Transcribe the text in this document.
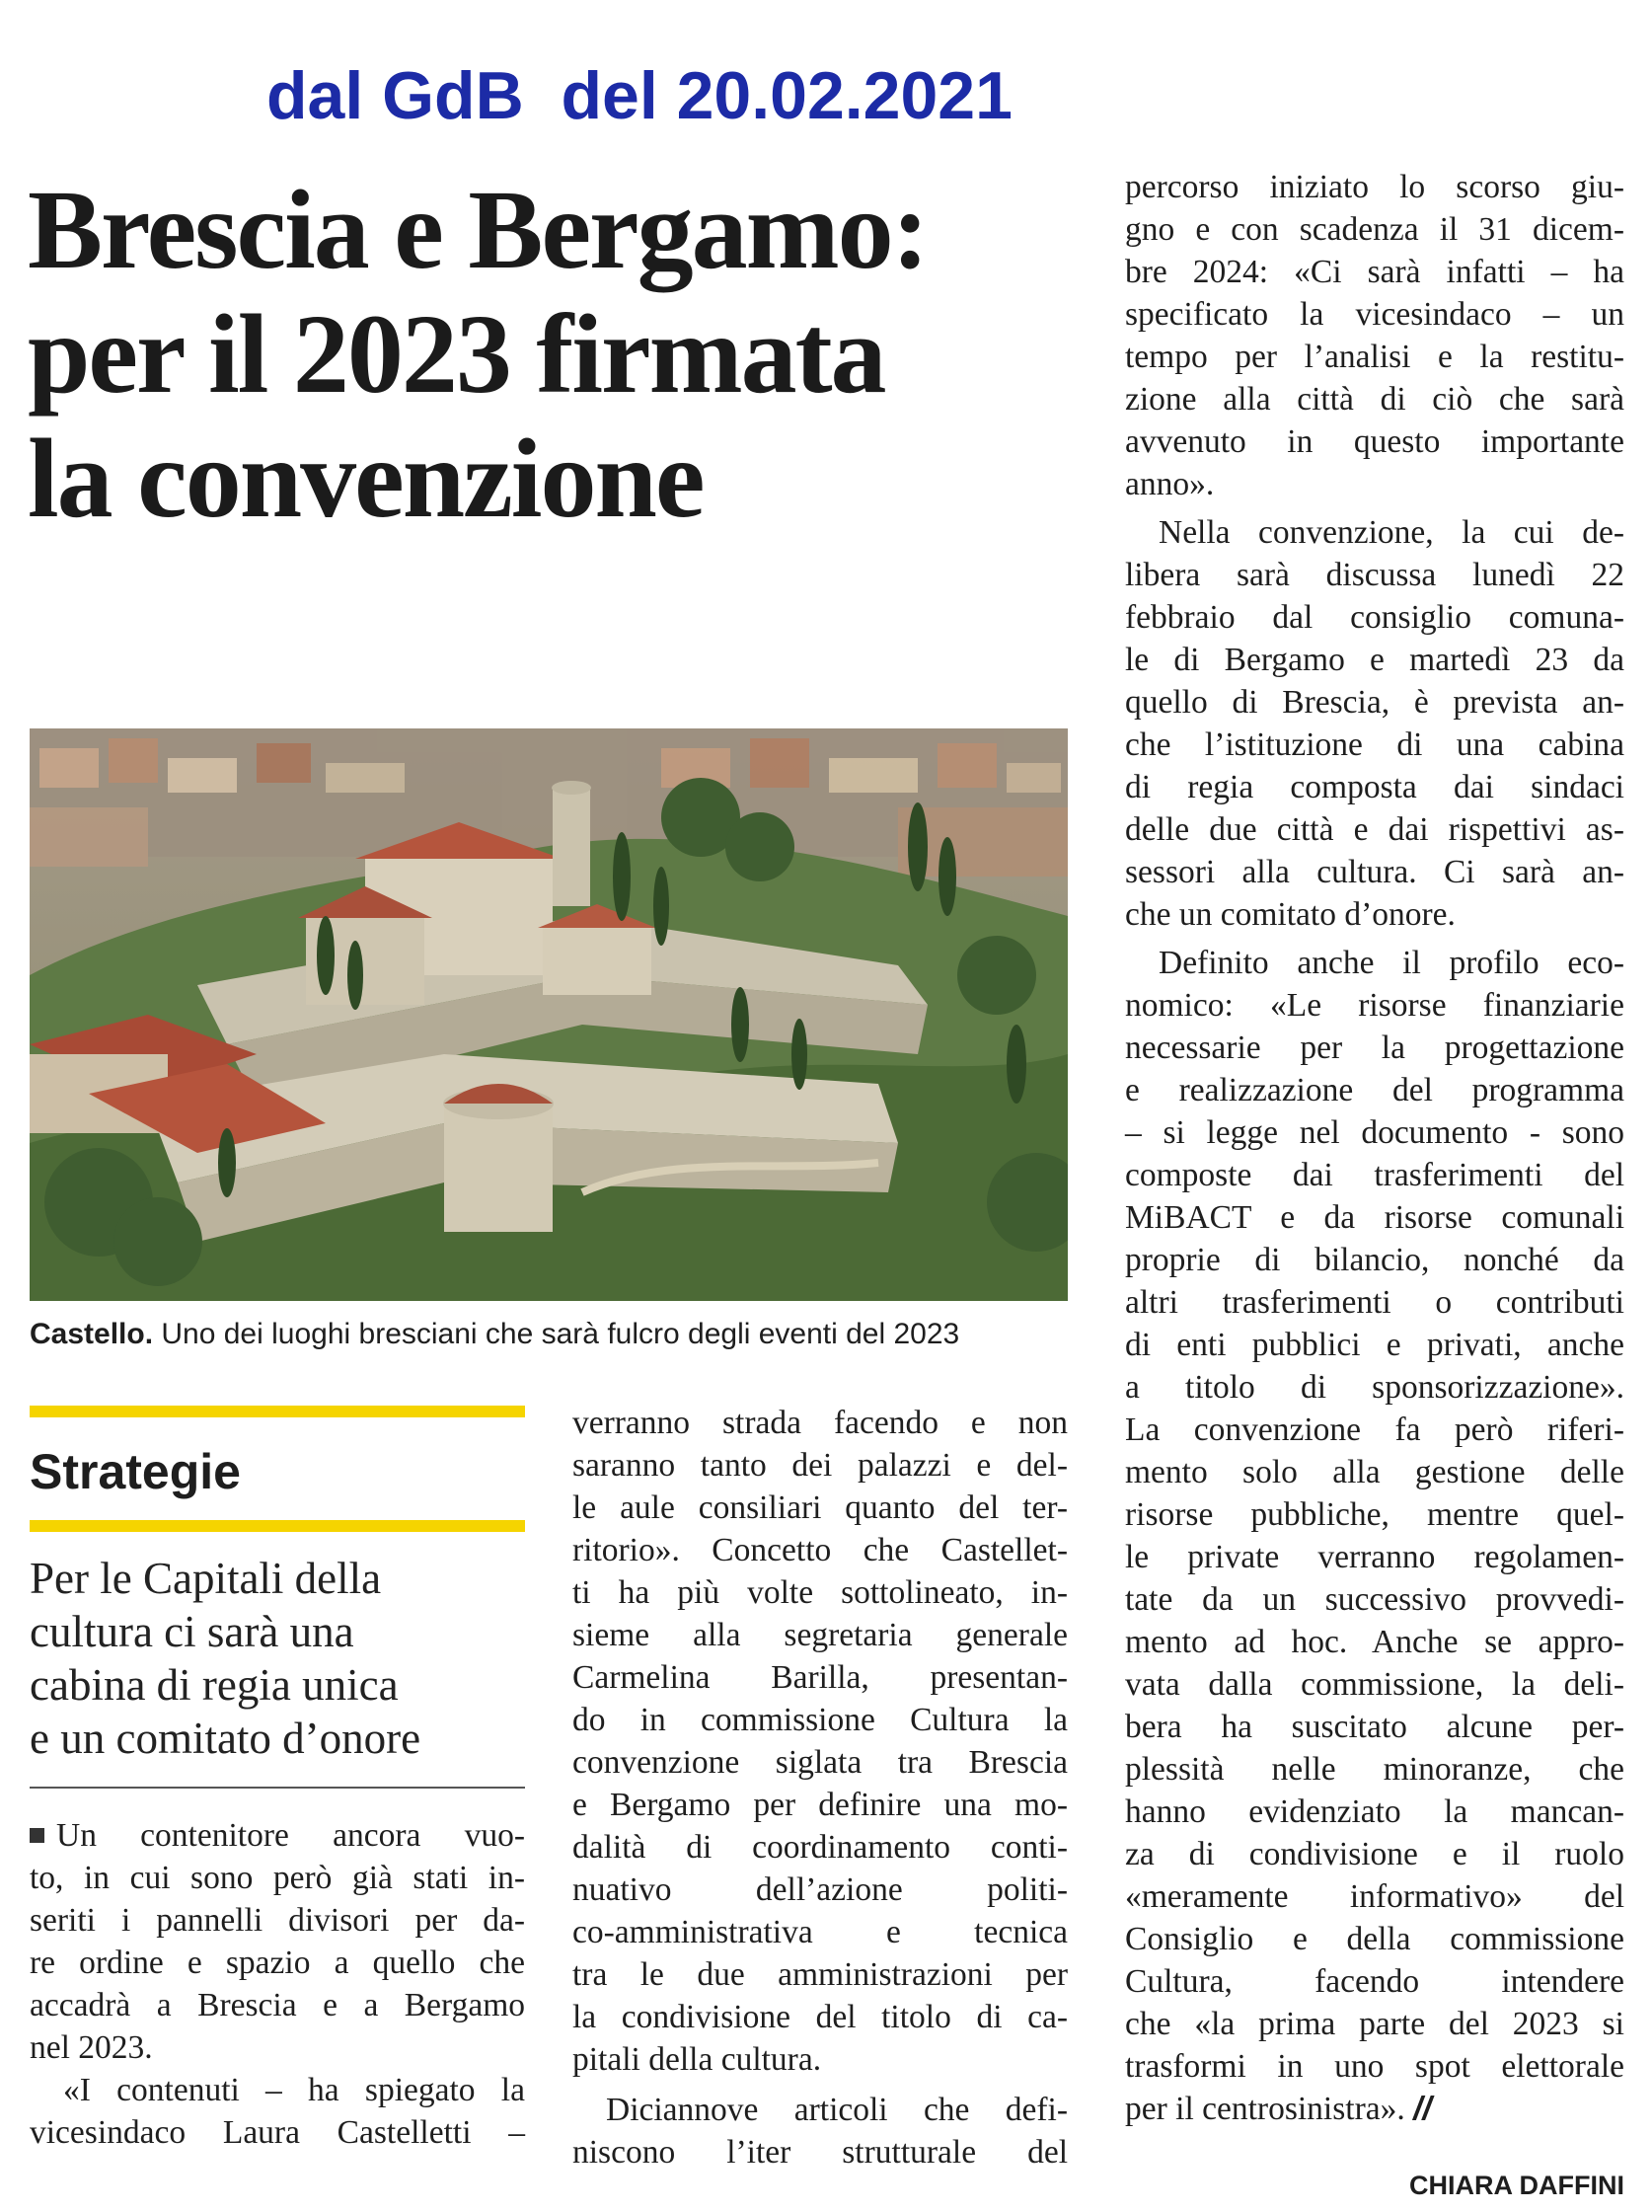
dal GdB  del 20.02.2021
Brescia e Bergamo:
per il 2023 firmata
la convenzione
Castello. Uno dei luoghi bresciani che sarà fulcro degli eventi del 2023
Strategie
Per le Capitali della
cultura ci sarà una
cabina di regia unica
e un comitato d’onore
Un contenitore ancora vuo-
to, in cui sono però già stati in-
seriti i pannelli divisori per da-
re ordine e spazio a quello che
accadrà a Brescia e a Bergamo
nel 2023.
«I contenuti – ha spiegato la
vicesindaco Laura Castelletti –
verranno strada facendo e non
saranno tanto dei palazzi e del-
le aule consiliari quanto del ter-
ritorio». Concetto che Castellet-
ti ha più volte sottolineato, in-
sieme alla segretaria generale
Carmelina Barilla, presentan-
do in commissione Cultura la
convenzione siglata tra Brescia
e Bergamo per definire una mo-
dalità di coordinamento conti-
nuativo dell’azione politi-
co-amministrativa e tecnica
tra le due amministrazioni per
la condivisione del titolo di ca-
pitali della cultura.
Diciannove articoli che defi-
niscono l’iter strutturale del
percorso iniziato lo scorso giu-
gno e con scadenza il 31 dicem-
bre 2024: «Ci sarà infatti – ha
specificato la vicesindaco – un
tempo per l’analisi e la restitu-
zione alla città di ciò che sarà
avvenuto in questo importante
anno».
Nella convenzione, la cui de-
libera sarà discussa lunedì 22
febbraio dal consiglio comuna-
le di Bergamo e martedì 23 da
quello di Brescia, è prevista an-
che l’istituzione di una cabina
di regia composta dai sindaci
delle due città e dai rispettivi as-
sessori alla cultura. Ci sarà an-
che un comitato d’onore.
Definito anche il profilo eco-
nomico: «Le risorse finanziarie
necessarie per la progettazione
e realizzazione del programma
– si legge nel documento - sono
composte dai trasferimenti del
MiBACT e da risorse comunali
proprie di bilancio, nonché da
altri trasferimenti o contributi
di enti pubblici e privati, anche
a titolo di sponsorizzazione».
La convenzione fa però riferi-
mento solo alla gestione delle
risorse pubbliche, mentre quel-
le private verranno regolamen-
tate da un successivo provvedi-
mento ad hoc. Anche se appro-
vata dalla commissione, la deli-
bera ha suscitato alcune per-
plessità nelle minoranze, che
hanno evidenziato la mancan-
za di condivisione e il ruolo
«meramente informativo» del
Consiglio e della commissione
Cultura, facendo intendere
che «la prima parte del 2023 si
trasformi in uno spot elettorale
per il centrosinistra». //
CHIARA DAFFINI
